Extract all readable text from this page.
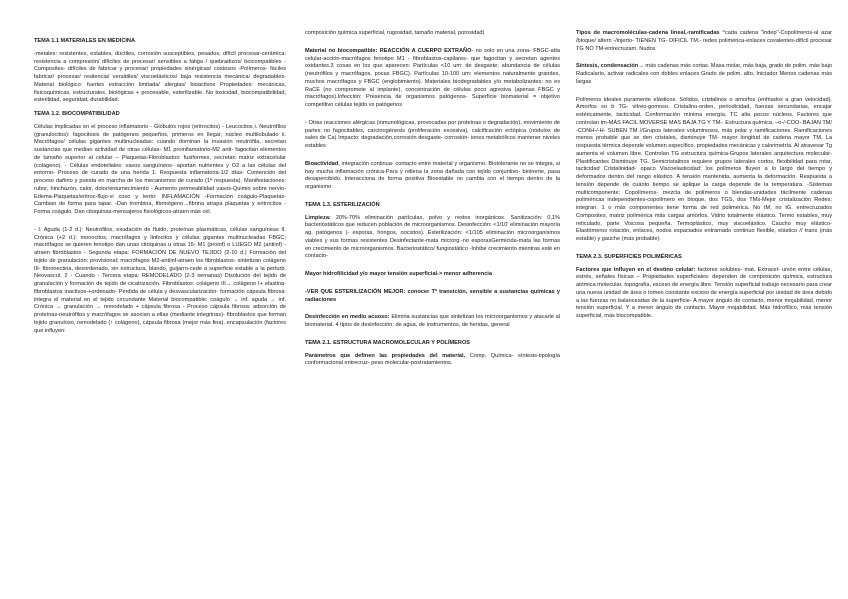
TEMA 1.1 MATERIALES EN MEDICINA
-metales: resistentes, estables, dúctiles, corrosión susceptibles, pesados, difícil procesar-cerámica: resistencia a compresión/ difíciles de procesar/ sensibles a fatiga / quebradizos/ biocompatibles -Composites- difíciles de fabricar y procesar/ propiedades sinérgicas/ costosos -Polímeros- fáciles fabricar/ procesar/ resilencia/ versátiles/ viscoelásticos/ baja resistencia mecánica/ degradables- Material biológico: fuertes extracción limitada/ alergias/ bioactivos Propiedades: mecánicas, fisicoquímicas, estructurales, biológicas + procesable, esterilizable. No toxicidad, biocompatibilidad, esterilidad, seguridad, durabilidad.
TEMA 1.2. BIOCOMPATIBILIDAD
Células implicadas en el proceso inflamatorio - Glóbulos rojos (eritrocitos) - Leucocitos i. Neutrófilos (granulocitos): fagocitosis de patógenos pequeños, primeros en llegar, núcleo multilobulado ii. Macrófagos/ células gigantes multinucleadas: cuando dominan la invasión neutrófila, secretan sustancias que median actividad de otras células- M1 proinflamatorio-M2 anti- fagocitan elementos de tamaño superior al celular – Plaquetas-Fibroblastos: fusiformes, secretan matriz extracelular (colágeno). - Células endoteliales: vasos sanguíneos- aportan nutrientes y O2 a las células del entorno- Proceso de curado de una herida 1. Respuesta inflamatoria-1/2 días- Contención del proceso dañino y puesta en marcha de los mecanismos de curado (1ª respuesta). Manifestaciones: rubor, hinchazón, calor, dolor/entumecimiento - Aumento permeabilidad vasos-Quimio sobre nervio-Edema-Plaquetas/eritroc-flujo-vi coso y lento: INFLAMACIÓN -Formación coágulo-Plaquetas- Cambian de forma para tapar. -Dan trombina, fibrinógeno→fibrina atrapa plaquetas y eritrocitos - Forma coágulo. Dan citoquinas-mensajeros fisiológicos-atraen más cel.
- I. Aguda (1-2 d.): Neutrófilos, exudación de fluido, proteínas plasmáticas, células sanguíneas II. Crónica (+2 d.): monocitos, macrófagos y linfocitos y células gigantes multinucleadas FBGC; macrófagos se quieren fenotipo dan unas citoquinas u otras 15- M1 (proinf) o LUEGO M2 (antiinf) -atraen fibroblastos - Segunda etapa: FORMACIÓN DE NUEVO TEJIDO (2-10 d.) Formación del tejido de granulación: provisional; macrófagos M2-antiinf-atraen los fibroblastos- sintetizan colágeno III- fibronectina, desordenado, sin estructura, blando, guijarro-cede a superficie estable a la perturb. Neovascul. 2 - Cuando - Tercera etapa: REMODELADO (2-3 semanas) Disolución del tejido de granulación y formación de tejido de cicatrización. Fibroblastos: colágeno III→ colágeno I+ elastina-fibroblastos inactivos-+ordenado- Pérdida de célula y desvascularización- formación cápsula fibrosa: integra el material en el tejido circundante Material biocompatible: coágulo → inf. aguda → inf. Crónica → granulación → remodelado + cápsula fibrosa - Proceso cápsula fibrosa: adsorción de proteínas-neutrófilos y macrófagos se asocian a ellas (mediante integrinas)- fibroblastos que forman tejido granuloso, remodelado (↑ colágeno), cápsula fibrosa (mejor más fina). encapsulación (factores que influyen:
composición química superficial, rugosidad, tamaño material, porosidad)
Material no biocompatible: REACCIÓN A CUERPO EXTRAÑO- no solo en una zona- FBGC-atta celular-acción-macrófagos fenotipo M1 - fibroblastos-capilares- que fagocitan y secretan agentes oxidantes.3 cosas en los que aparecen: Partículas <10 um: de desgaste; abundancia de células (neutrófilos y macrófagos, pocas FBGC). Partículas 10-100 um: elementos naturalmente grandes, muchos macrófagos y FBGC (englobimiento). Materiales biodegradables y/o metabolizantes: no es RaCE (no compromete al implante), concentración de células poco agresiva (apenas FBGC y macrófagos).Infección: Presencia de organismos patógenos- Superficie biomaterial = objetivo competitivo células tejido vs patógenos
- Otras reacciones alérgicas (inmunológicas, provocadas por proteínas o degradación), movimiento de partes no fagocitables, carcinogénesis (proliferación excesiva), calcificación ectópica (nódulos de sales de Ca) Impacto: degradación,corrosión desgaste- corrosión- iones metabólicos mantener niveles estables
Bioactividad, integración continua- contacto entre material y organismo. Biotolerante no se integra, si hay mucha inflamación crónica-Para y rellena la zona dañada con tejido conjuntivo- bioinerte, pasa desapercibido. Interacciona de forma positiva Bioestable no cambia con el tiempo dentro de la organismo
TEMA 1.3. ESTERILIZACIÓN
Limpieza: 20%-70% eliminación partículas, polvo y restos inorgánicos. Sanitización: 0,1% bacteriostáticos que reducen población de microorganismos. Desinfección: <1/10' eliminación mayoría ag. patógenos (- esporas, hongos, oocistos). Esterilización: <1/105 eliminación microorganismos viables y sus formas resistentes Desinfectante-mata microrg.-no esporasGermicida-mata las formas en crecimiento de microorganismos. Bacteriostático/ fungiostático -Inhibe crecimiento mientras esté en contacto-
Mayor hidrofilicidad y/o mayor tensión superficial-> menor adherencia
-VER QUE ESTERILIZACIÓN MEJOR: conocer Tª transición, sensible a sustancias químicas y radiaciones
Desinfección en medio acuoso: Elimina sustancias que sintetizan los microorganismos y atacarle al biomaterial. 4 tipos de desinfección: de agua, de instrumentos, de heridas, general
TEMA 2.1. ESTRUCTURA MACROMOLECULAR Y POLÍMEROS
Parámetros que definen las propiedades del material. Comp. Química- síntesis-tipología conformacional entrecruz- peso molecular-postratamientos.
Tipos de macromoléculas-cadena lineal,-ramificadas ^cada cadena "indep"-Copolímeros-al azar /bloque/ altern -/injerto- TIENEN TG- DIFICIL TM.- redes polimérica-enlaces covalentes-difícil procesar TG NO TM-entrecruzam. Nudos
Síntesis, condensación→ más cadenas más cortas. Masa molar, más baja, grado de polim. más bajo Radicalario, activar radicales con dobles enlaces Grado de polim. alto. Iniciador Menos cadenas más largas
Polímeros ideales puramente elásticos. Sólidos, cristalinos o amorfos (enfriados a gran velocidad). Amorfos so b TG- vítreo-gomoso. Cristalino-orden, periodicidad, fuerzas secundarias, encajar estéricamente, tacticidad. Conformación mínima energía. TC alta pocos núcleos. Factores que controlan tm-MÁS FACIL MOVERSE MAS BAJA TG Y TM-. Estructura química. –o-/-COO- BAJAN TM/ -CONH-/-H- SUBEN TM //Grupos laterales voluminosos, más polar y ramificaciones. Ramificaciones menos probable que se den cristales, disminuye TM- mayor longitud de cadena mayor TM. La respuesta térmica depende volumen específico, propiedades mecánicas y calorimetría. Al atravesar Tg aumenta el volumen libre. Controlan TG estructura química-Grupos laterales arquitectura molecular- Plastificantes Disminuye TG. Semicristalinos requiere grupos laterales cortos, flexibilidad para rotar, tacticidad Cristalinidad- opaco Viscoelasticidad: los polímeros fluyen a lo largo del tiempo y deformados dentro del rango elástico. A tensión mantenida, aumenta la deformación. Respuesta a tensión depende de cuánto tiempo se aplique la carga depende de la temperatura. -Sistemas multicomponente: Copolímeros- mezcla de polímeros o blendas-unidades fácilmente cadenas poliméricas independientes-copolímero en bloque, dos TGS, dos TMs-Mejor cristalización Redes: integran. 1 o más componentes tiene forma de red polimérica. No tM, no tG. entrecruzados Composites, matriz polimérica más cargas amorfos. Vidrio totalmente elástico. Termo estables, muy reticulado, parte Viscosa pequeña. Termoplástico, muy viscoelástico. Caucho muy elástico-Elastómeros rotación, enlaces, nodos espaciados entramado continuo flexible, elástico // trans (más estable) y gauche (más probable).
TEMA 2.3. SUPERFICIES POLIMÉRICAS
Factores que influyen en el destino celular: factores solubles- mat. Extracel- unión entre células, estrés, señales físicas – Propiedades superficiales: dependen de composición química, estructura atómica molecular, topografía, exceso de energía libre. Tensión superficial trabajo necesario para crear una nueva unidad de área o tomen constante exceso de energía superficial por unidad de área debido a las fuerzas no balanceadas de la superficie- A mayor ángulo de contacto, menor mojabilidad, menor tensión superficial. Y a menor ángulo de contacto. Mayor mojabilidad. Más hidrofílico, más tensión superficial, más biocompatible.
